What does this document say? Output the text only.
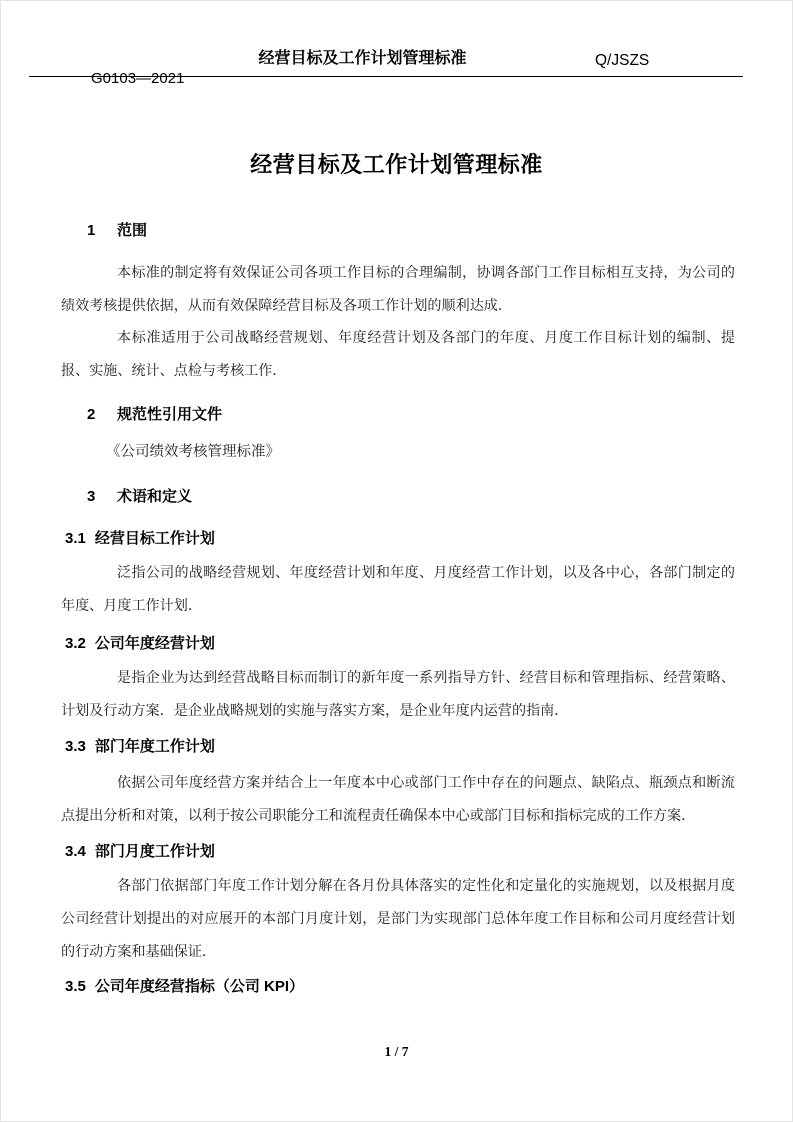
经营目标及工作计划管理标准	Q/JSZS
G0103—2021
经营目标及工作计划管理标准
1 范围

本标准的制定将有效保证公司各项工作目标的合理编制，协调各部门工作目标相互支持，为公司的绩效考核提供依据，从而有效保障经营目标及各项工作计划的顺利达成．

本标准适用于公司战略经营规划、年度经营计划及各部门的年度、月度工作目标计划的编制、提报、实施、统计、点检与考核工作．

2 规范性引用文件

《公司绩效考核管理标准》

3 术语和定义
3.1 经营目标工作计划

泛指公司的战略经营规划、年度经营计划和年度、月度经营工作计划，以及各中心，各部门制定的年度、月度工作计划．

3.2 公司年度经营计划

是指企业为达到经营战略目标而制订的新年度一系列指导方针、经营目标和管理指标、经营策略、计划及行动方案．是企业战略规划的实施与落实方案，是企业年度内运营的指南．

3.3 部门年度工作计划

依据公司年度经营方案并结合上一年度本中心或部门工作中存在的问题点、缺陷点、瓶颈点和断流点提出分析和对策，以利于按公司职能分工和流程责任确保本中心或部门目标和指标完成的工作方案．

3.4 部门月度工作计划

各部门依据部门年度工作计划分解在各月份具体落实的定性化和定量化的实施规划，以及根据月度公司经营计划提出的对应展开的本部门月度计划，是部门为实现部门总体年度工作目标和公司月度经营计划的行动方案和基础保证．

3.5 公司年度经营指标（公司 KPI）
1 / 7
